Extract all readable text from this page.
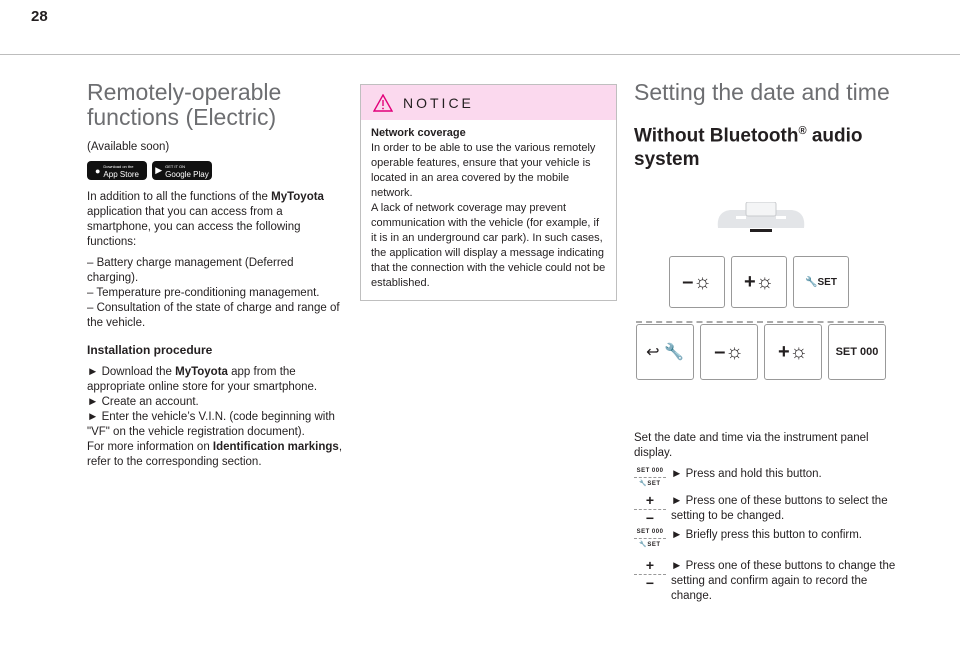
28
Remotely-operable functions (Electric)

(Available soon)

● Download on the
App Store ▶ GET IT ON
Google Play

In addition to all the functions of the MyToyota application that you can access from a smartphone, you can access the following functions:

– Battery charge management (Deferred charging).

– Temperature pre-conditioning management.

– Consultation of the state of charge and range of the vehicle.

Installation procedure

► Download the MyToyota app from the appropriate online store for your smartphone.

► Create an account.

► Enter the vehicle’s V.I.N. (code beginning with "VF" on the vehicle registration document).

For more information on Identification markings, refer to the corresponding section.

NOTICE

Network coverage

In order to be able to use the various remotely operable features, ensure that your vehicle is located in an area covered by the mobile network.
A lack of network coverage may prevent communication with the vehicle (for example, if it is in an underground car park). In such cases, the application will display a message indicating that the connection with the vehicle could not be established.

Setting the date and time
Without Bluetooth® audio system
–☼ +☼	🔧SET
↩ 🔧 –☼ +☼	SET 000

Set the date and time via the instrument panel display.

SET 000
🔧SET
► Press and hold this button.
+
−
► Press one of these buttons to select the setting to be changed.
SET 000
🔧SET
► Briefly press this button to confirm.
+
−
► Press one of these buttons to change the setting and confirm again to record the change.
